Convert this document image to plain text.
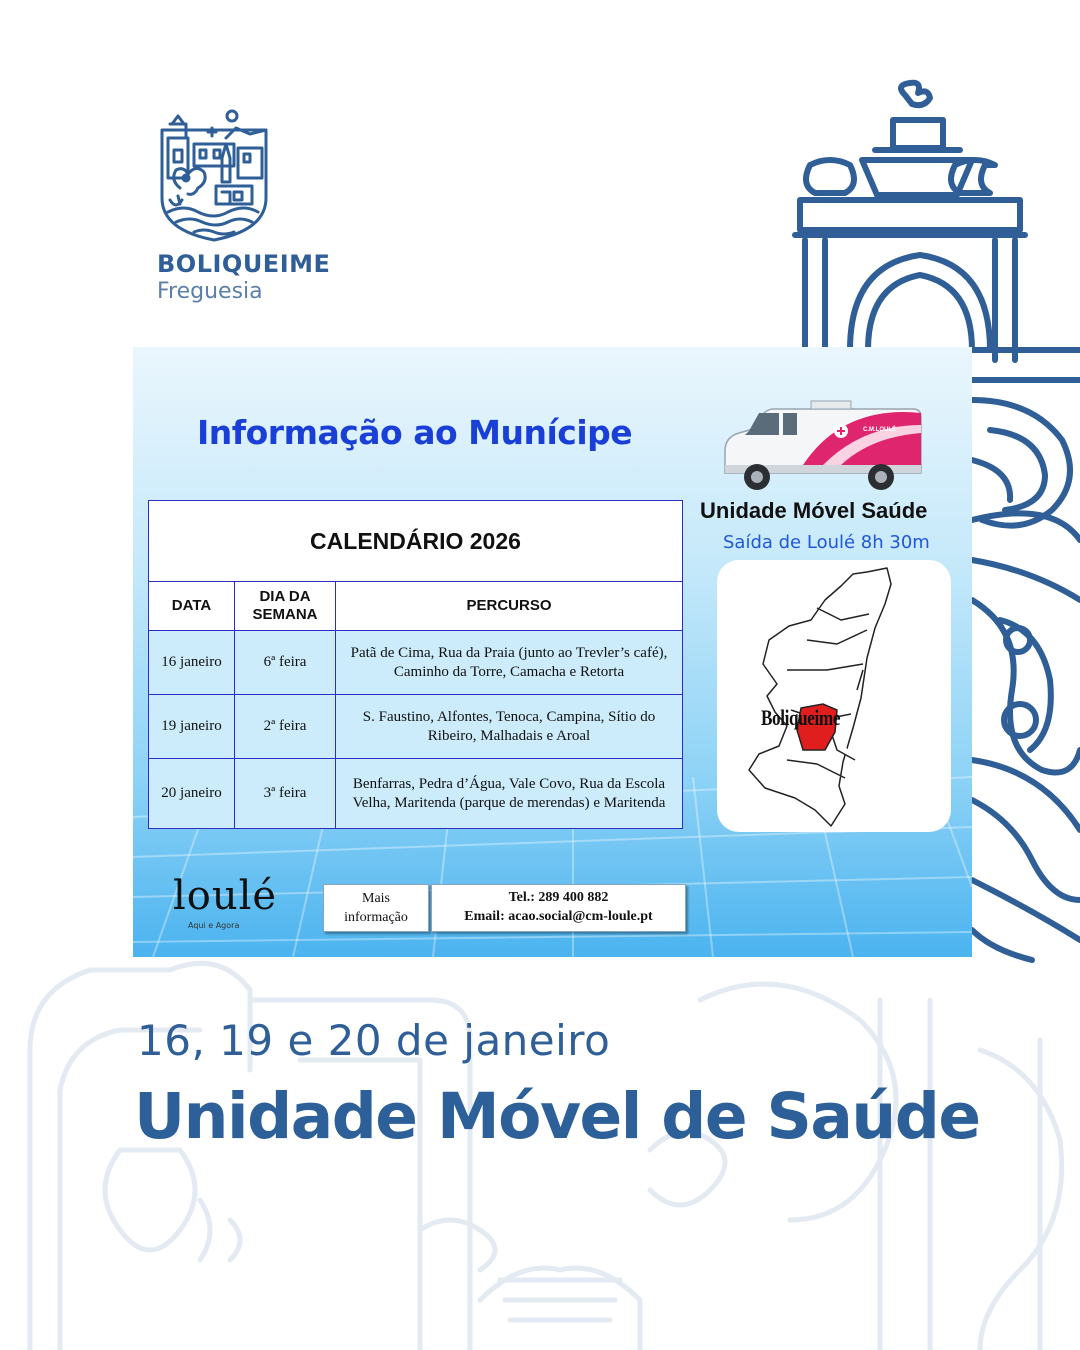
BOLIQUEIME
Freguesia
Informação ao Munícipe	C.M.LOULÉ
Unidade Móvel Saúde
Saída de Loulé 8h 30m
Boliqueime
CALENDÁRIO 2026		
DATA	DIA DA SEMANA	PERCURSO
16 janeiro	6ª feira	Patã de Cima, Rua da Praia (junto ao Trevler’s café), Caminho da Torre, Camacha e Retorta
19 janeiro	2ª feira	S. Faustino, Alfontes, Tenoca, Campina, Sítio do Ribeiro, Malhadais e Aroal
20 janeiro	3ª feira	Benfarras, Pedra d’Água, Vale Covo, Rua da Escola Velha, Maritenda (parque de merendas) e Maritenda
loulé
Aqui e Agora
Mais informação
Tel.: 289 400 882
Email: acao.social@cm-loule.pt
16, 19 e 20 de janeiro
Unidade Móvel de Saúde
